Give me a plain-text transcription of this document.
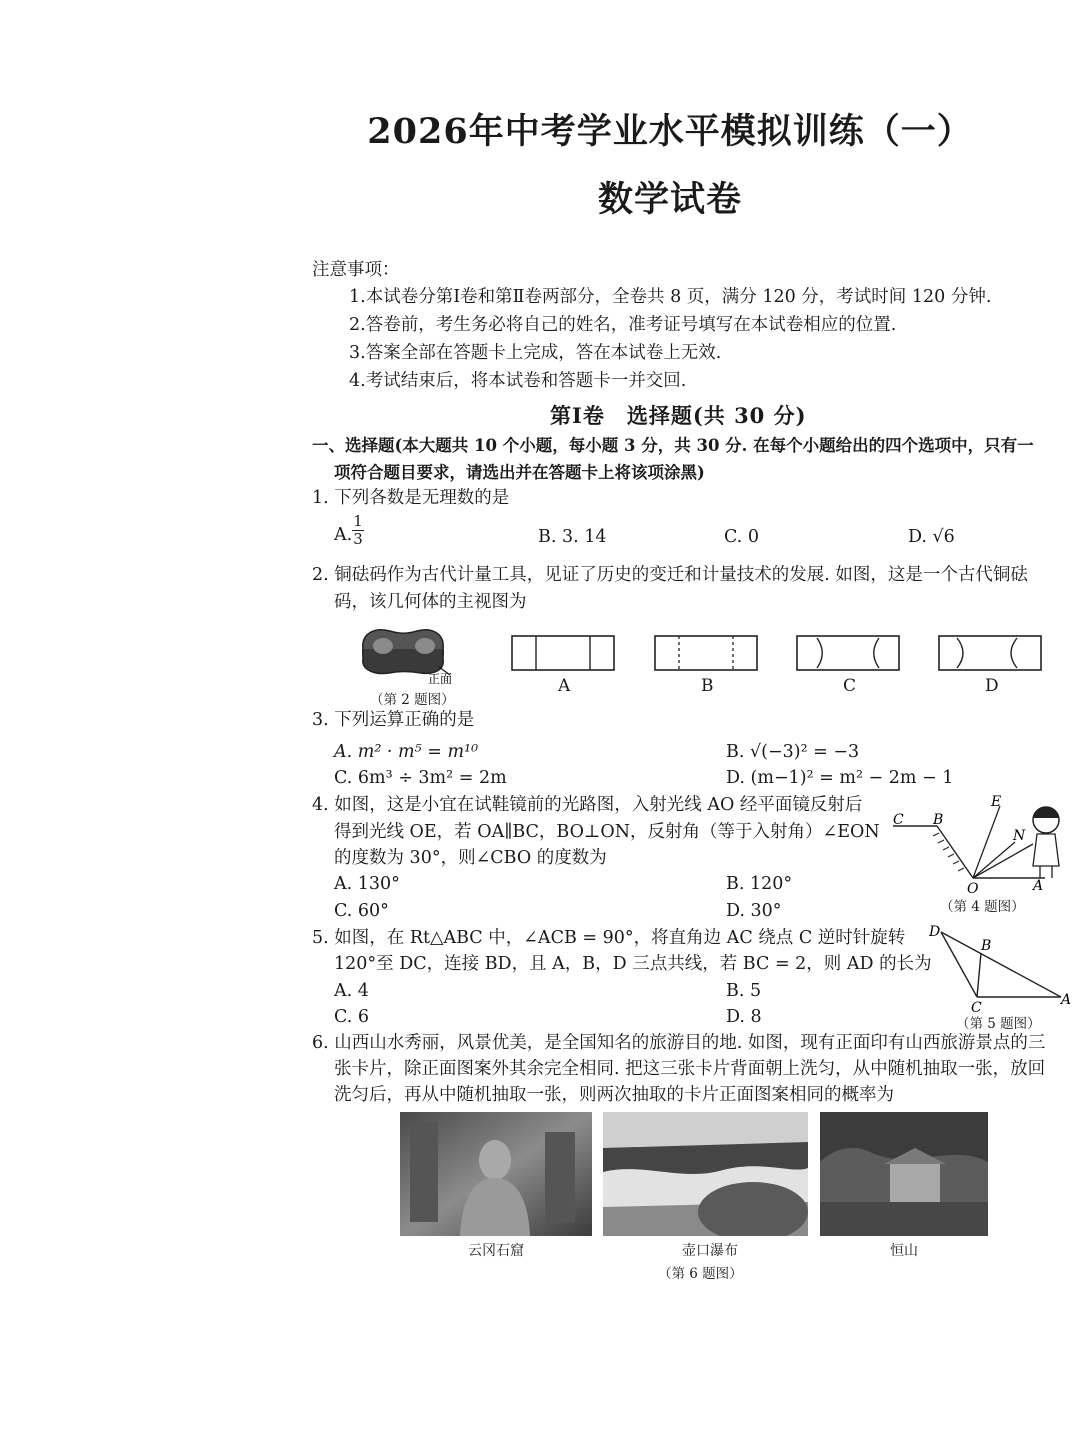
2026年中考学业水平模拟训练（一）
数学试卷
注意事项：
1.本试卷分第Ⅰ卷和第Ⅱ卷两部分，全卷共 8 页，满分 120 分，考试时间 120 分钟.
2.答卷前，考生务必将自己的姓名，准考证号填写在本试卷相应的位置.
3.答案全部在答题卡上完成，答在本试卷上无效.
4.考试结束后，将本试卷和答题卡一并交回.
第Ⅰ卷　选择题(共 30 分)
一、选择题(本大题共 10 个小题，每小题 3 分，共 30 分. 在每个小题给出的四个选项中，只有一
项符合题目要求，请选出并在答题卡上将该项涂黑)
1. 下列各数是无理数的是
A. $\frac{1}{3}$	B. 3. 14	C. 0	D. √6
2. 铜砝码作为古代计量工具，见证了历史的变迁和计量技术的发展. 如图，这是一个古代铜砝
码，该几何体的主视图为
正面
（第 2 题图）
A	B	C	D
3. 下列运算正确的是
A. m² · m⁵ = m¹⁰	B. √(−3)² = −3
C. 6m³ ÷ 3m² = 2m	D. (m−1)² = m² − 2m − 1
4. 如图，这是小宜在试鞋镜前的光路图，入射光线 AO 经平面镜反射后
得到光线 OE，若 OA∥BC，BO⊥ON，反射角（等于入射角）∠EON
的度数为 30°，则∠CBO 的度数为
A. 130°	B. 120°
C. 60°	D. 30°
C B
E
N
O	A
（第 4 题图）
5. 如图，在 Rt△ABC 中，∠ACB = 90°，将直角边 AC 绕点 C 逆时针旋转
120°至 DC，连接 BD，且 A，B，D 三点共线，若 BC = 2，则 AD 的长为
A. 4	B. 5
C. 6	D. 8
D
B
C	A
（第 5 题图）
6. 山西山水秀丽，风景优美，是全国知名的旅游目的地. 如图，现有正面印有山西旅游景点的三
张卡片，除正面图案外其余完全相同. 把这三张卡片背面朝上洗匀，从中随机抽取一张，放回
洗匀后，再从中随机抽取一张，则两次抽取的卡片正面图案相同的概率为
云冈石窟	壶口瀑布	恒山
（第 6 题图）
